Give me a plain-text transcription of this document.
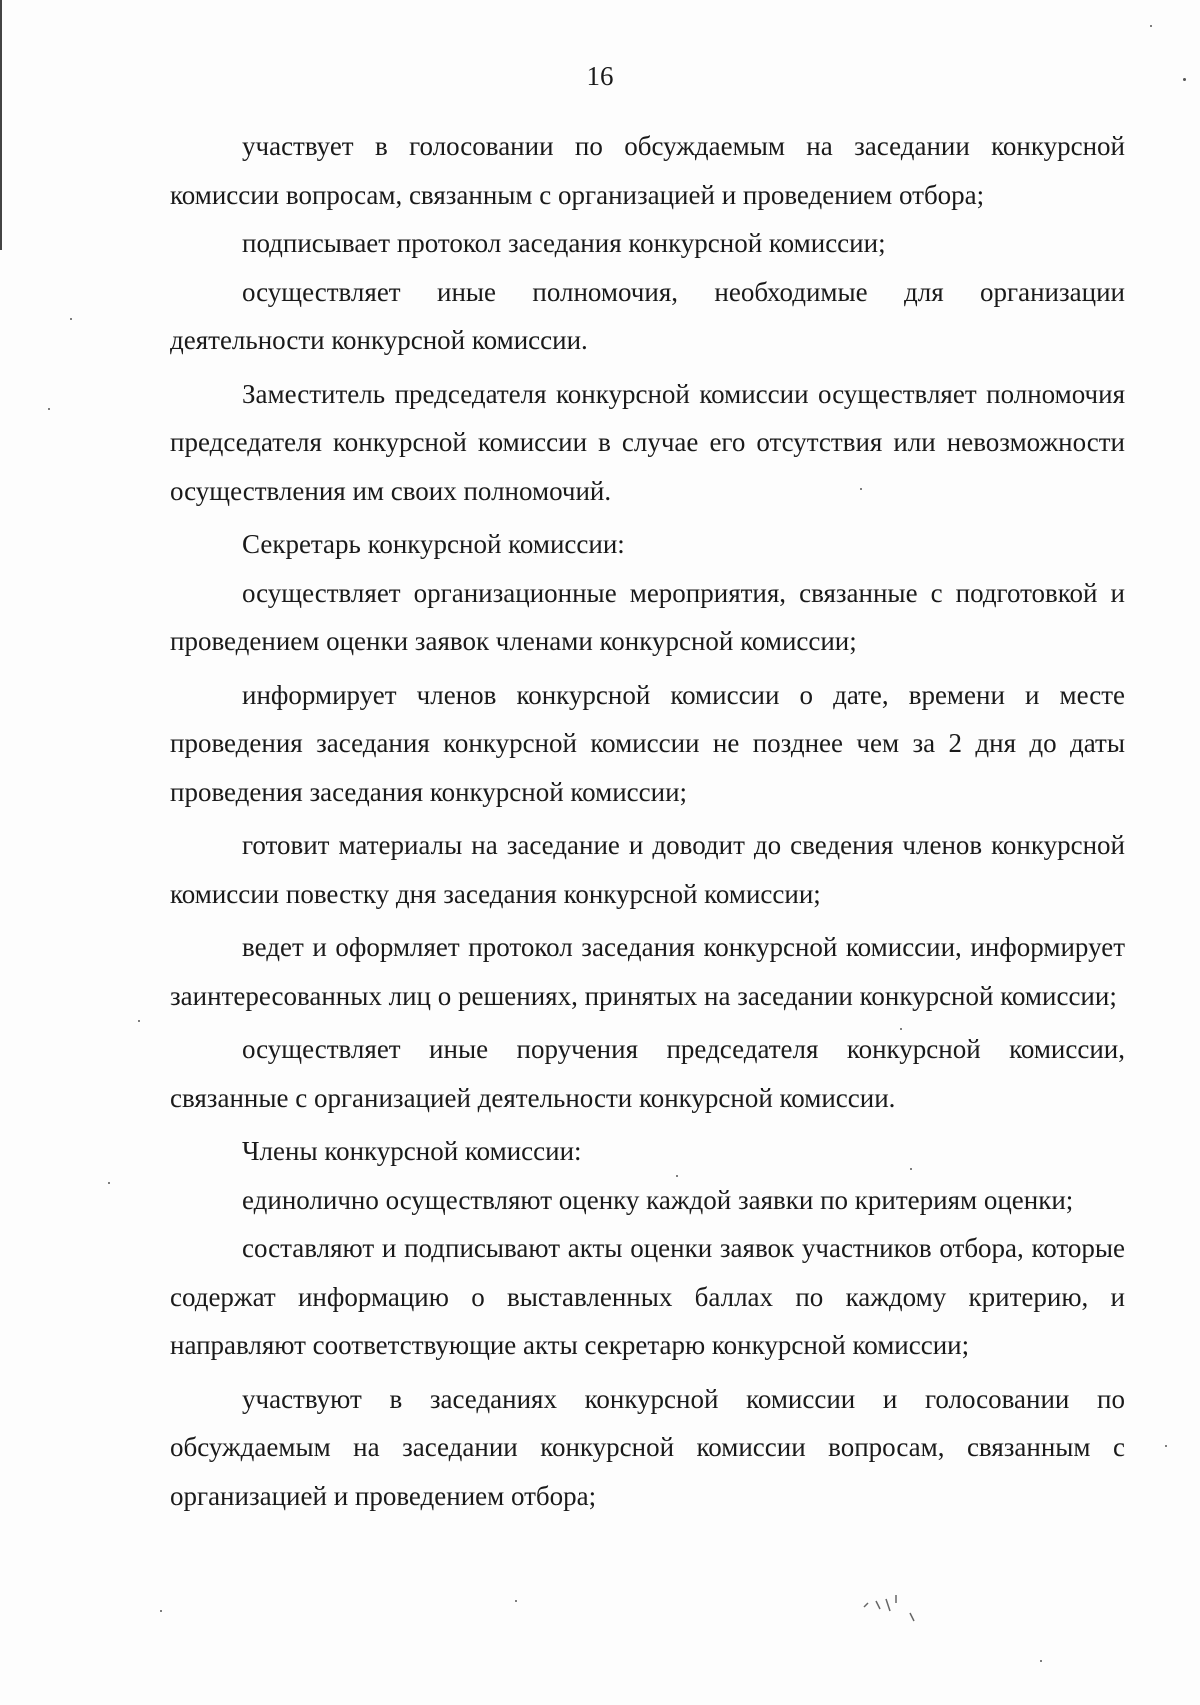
16

участвует в голосовании по обсуждаемым на заседании конкурсной комиссии вопросам, связанным с организацией и проведением отбора;

подписывает протокол заседания конкурсной комиссии;

осуществляет иные полномочия, необходимые для организации деятельности конкурсной комиссии.

Заместитель председателя конкурсной комиссии осуществляет полномочия председателя конкурсной комиссии в случае его отсутствия или невозможности осуществления им своих полномочий.

Секретарь конкурсной комиссии:

осуществляет организационные мероприятия, связанные с подготовкой и проведением оценки заявок членами конкурсной комиссии;

информирует членов конкурсной комиссии о дате, времени и месте проведения заседания конкурсной комиссии не позднее чем за 2 дня до даты проведения заседания конкурсной комиссии;

готовит материалы на заседание и доводит до сведения членов конкурсной комиссии повестку дня заседания конкурсной комиссии;

ведет и оформляет протокол заседания конкурсной комиссии, информирует заинтересованных лиц о решениях, принятых на заседании конкурсной комиссии;

осуществляет иные поручения председателя конкурсной комиссии, связанные с организацией деятельности конкурсной комиссии.

Члены конкурсной комиссии:

единолично осуществляют оценку каждой заявки по критериям оценки;

составляют и подписывают акты оценки заявок участников отбора, которые содержат информацию о выставленных баллах по каждому критерию, и направляют соответствующие акты секретарю конкурсной комиссии;

участвуют в заседаниях конкурсной комиссии и голосовании по обсуждаемым на заседании конкурсной комиссии вопросам, связанным с организацией и проведением отбора;
